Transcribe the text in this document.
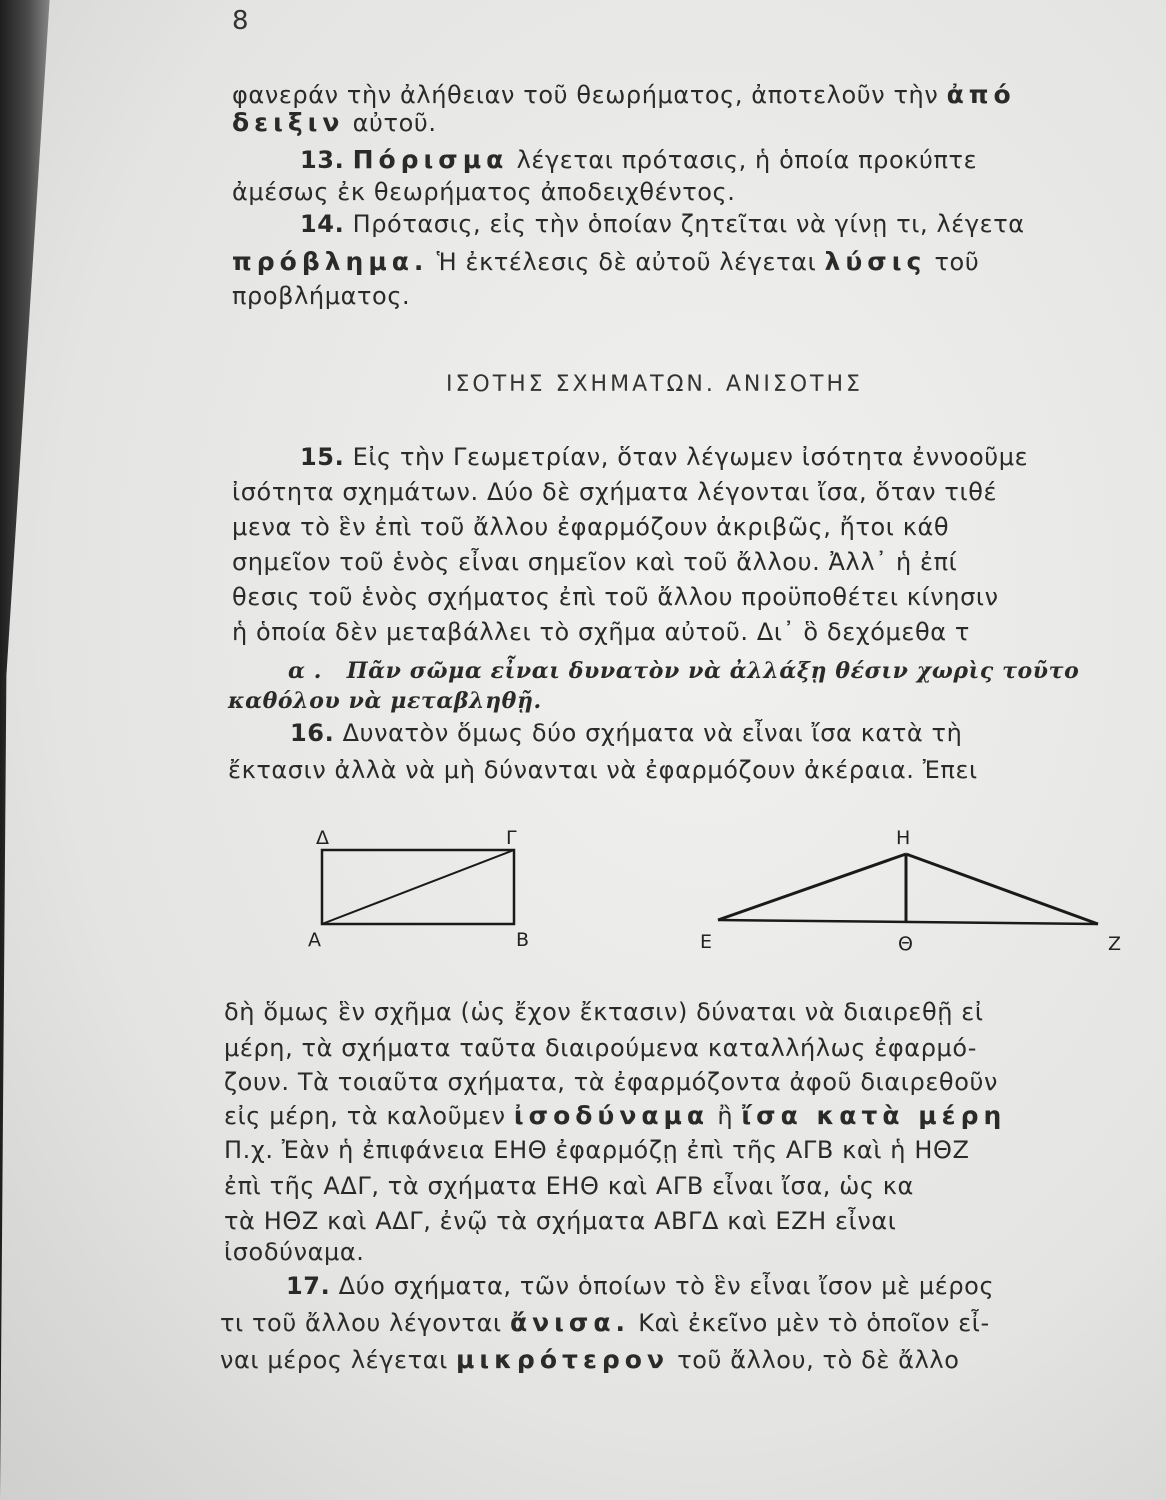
8
φανεράν τὴν ἀλήθειαν τοῦ θεωρήματος, ἀποτελοῦν τὴν ἀπό
δειξιν αὐτοῦ.
13. Πόρισμα λέγεται πρότασις, ἡ ὁποία προκύπτε
ἀμέσως ἐκ θεωρήματος ἀποδειχθέντος.
14. Πρότασις, εἰς τὴν ὁποίαν ζητεῖται νὰ γίνῃ τι, λέγετα
πρόβλημα. Ἡ ἐκτέλεσις δὲ αὐτοῦ λέγεται λύσις τοῦ
προβλήματος.
ΙΣΟΤΗΣ ΣΧΗΜΑΤΩΝ. ΑΝΙΣΟΤΗΣ
15. Εἰς τὴν Γεωμετρίαν, ὅταν λέγωμεν ἰσότητα ἐννοοῦμε
ἰσότητα σχημάτων. Δύο δὲ σχήματα λέγονται ἴσα, ὅταν τιθέ
μενα τὸ ἓν ἐπὶ τοῦ ἄλλου ἐφαρμόζουν ἀκριβῶς, ἤτοι κάθ
σημεῖον τοῦ ἑνὸς εἶναι σημεῖον καὶ τοῦ ἄλλου. Ἀλλ᾽ ἡ ἐπί
θεσις τοῦ ἑνὸς σχήματος ἐπὶ τοῦ ἄλλου προϋποθέτει κίνησιν
ἡ ὁποία δὲν μεταβάλλει τὸ σχῆμα αὐτοῦ. Δι᾽ ὃ δεχόμεθα τ
α . Πᾶν σῶμα εἶναι δυνατὸν νὰ ἀλλάξῃ θέσιν χωρὶς τοῦτο
καθόλου νὰ μεταβληθῇ.
16. Δυνατὸν ὅμως δύο σχήματα νὰ εἶναι ἴσα κατὰ τὴ
ἔκτασιν ἀλλὰ νὰ μὴ δύνανται νὰ ἐφαρμόζουν ἀκέραια. Ἐπει
Δ	Γ
Α	Β
Η
Ε	Θ	Ζ
δὴ ὅμως ἓν σχῆμα (ὡς ἔχον ἔκτασιν) δύναται νὰ διαιρεθῇ εἰ
μέρη, τὰ σχήματα ταῦτα διαιρούμενα καταλλήλως ἐφαρμό-
ζουν. Τὰ τοιαῦτα σχήματα, τὰ ἐφαρμόζοντα ἀφοῦ διαιρεθοῦν
εἰς μέρη, τὰ καλοῦμεν ἰσοδύναμα ἢ ἴσα κατὰ μέρη
Π.χ. Ἐὰν ἡ ἐπιφάνεια ΕΗΘ ἐφαρμόζῃ ἐπὶ τῆς ΑΓΒ καὶ ἡ ΗΘΖ
ἐπὶ τῆς ΑΔΓ, τὰ σχήματα ΕΗΘ καὶ ΑΓΒ εἶναι ἴσα, ὡς κα
τὰ ΗΘΖ καὶ ΑΔΓ, ἐνῷ τὰ σχήματα ΑΒΓΔ καὶ ΕΖΗ εἶναι
ἰσοδύναμα.
17. Δύο σχήματα, τῶν ὁποίων τὸ ἓν εἶναι ἴσον μὲ μέρος
τι τοῦ ἄλλου λέγονται ἄνισα. Καὶ ἐκεῖνο μὲν τὸ ὁποῖον εἶ-
ναι μέρος λέγεται μικρότερον τοῦ ἄλλου, τὸ δὲ ἄλλο
